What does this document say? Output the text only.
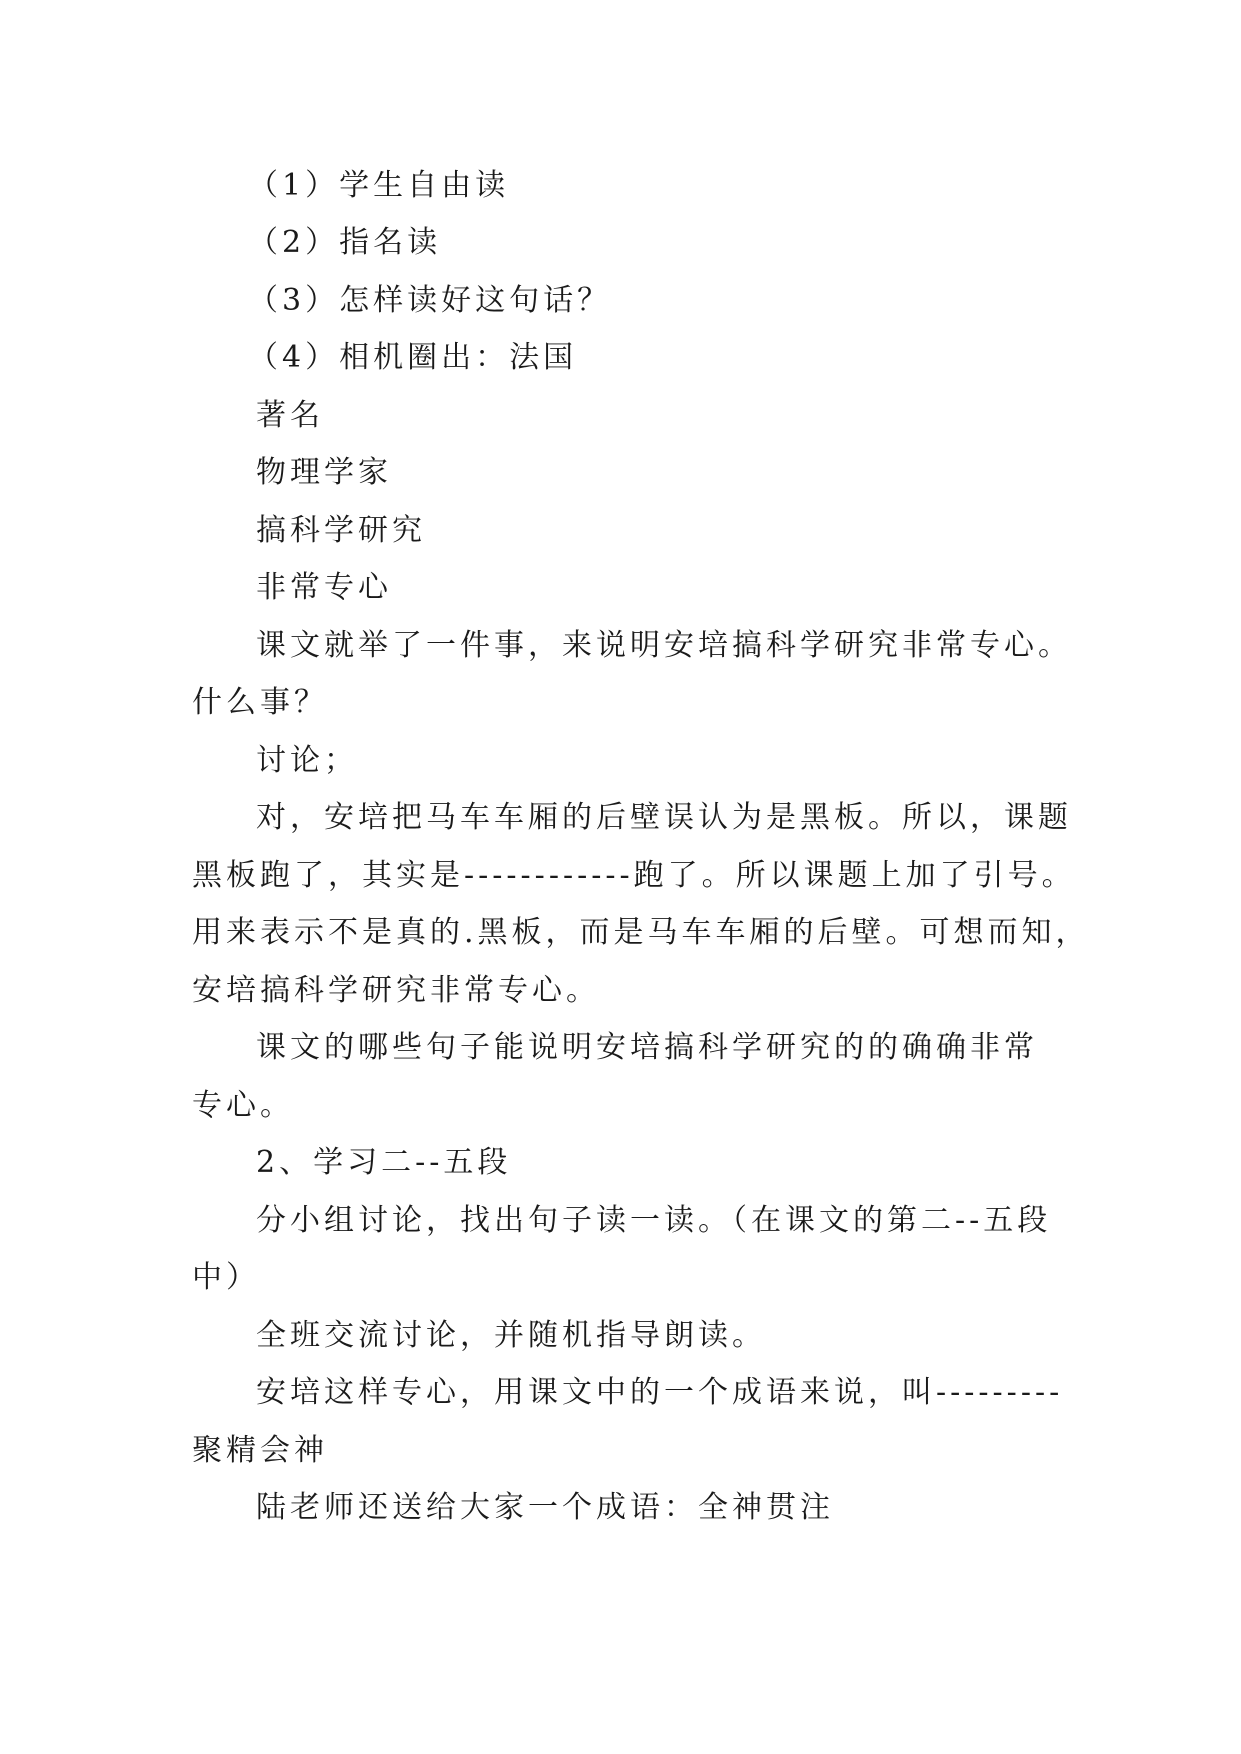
（1）学生自由读
（2）指名读
（3）怎样读好这句话？
（4）相机圈出：法国
著名
物理学家
搞科学研究
非常专心
课文就举了一件事，来说明安培搞科学研究非常专心。
什么事？
讨论；
对，安培把马车车厢的后壁误认为是黑板。所以，课题
黑板跑了，其实是------------跑了。所以课题上加了引号。
用来表示不是真的.黑板，而是马车车厢的后壁。可想而知，
安培搞科学研究非常专心。
课文的哪些句子能说明安培搞科学研究的的确确非常
专心。
2、学习二--五段
分小组讨论，找出句子读一读。（在课文的第二--五段
中）
全班交流讨论，并随机指导朗读。
安培这样专心，用课文中的一个成语来说，叫---------
聚精会神
陆老师还送给大家一个成语：全神贯注
